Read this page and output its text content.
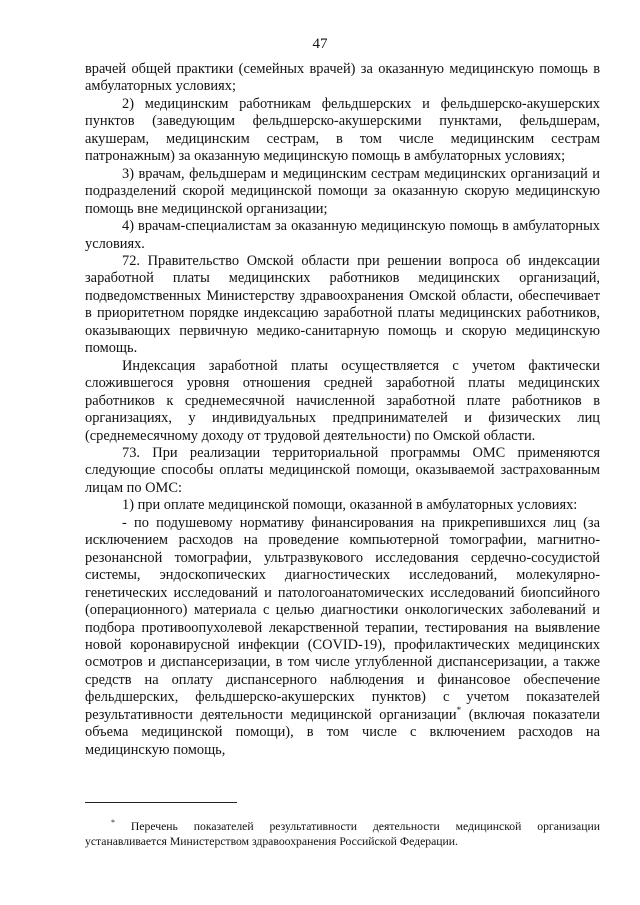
47

врачей общей практики (семейных врачей) за оказанную медицинскую помощь в амбулаторных условиях;

2) медицинским работникам фельдшерских и фельдшерско-акушерских пунктов (заведующим фельдшерско-акушерскими пунктами, фельдшерам, акушерам, медицинским сестрам, в том числе медицинским сестрам патронажным) за оказанную медицинскую помощь в амбулаторных условиях;

3) врачам, фельдшерам и медицинским сестрам медицинских организаций и подразделений скорой медицинской помощи за оказанную скорую медицинскую помощь вне медицинской организации;

4) врачам-специалистам за оказанную медицинскую помощь в амбулаторных условиях.

72. Правительство Омской области при решении вопроса об индексации заработной платы медицинских работников медицинских организаций, подведомственных Министерству здравоохранения Омской области, обеспечивает в приоритетном порядке индексацию заработной платы медицинских работников, оказывающих первичную медико-санитарную помощь и скорую медицинскую помощь.

Индексация заработной платы осуществляется с учетом фактически сложившегося уровня отношения средней заработной платы медицинских работников к среднемесячной начисленной заработной плате работников в организациях, у индивидуальных предпринимателей и физических лиц (среднемесячному доходу от трудовой деятельности) по Омской области.

73. При реализации территориальной программы ОМС применяются следующие способы оплаты медицинской помощи, оказываемой застрахованным лицам по ОМС:

1) при оплате медицинской помощи, оказанной в амбулаторных условиях:

- по подушевому нормативу финансирования на прикрепившихся лиц (за исключением расходов на проведение компьютерной томографии, магнитно-резонансной томографии, ультразвукового исследования сердечно-сосудистой системы, эндоскопических диагностических исследований, молекулярно-генетических исследований и патологоанатомических исследований биопсийного (операционного) материала с целью диагностики онкологических заболеваний и подбора противоопухолевой лекарственной терапии, тестирования на выявление новой коронавирусной инфекции (COVID-19), профилактических медицинских осмотров и диспансеризации, в том числе углубленной диспансеризации, а также средств на оплату диспансерного наблюдения и финансовое обеспечение фельдшерских, фельдшерско-акушерских пунктов) с учетом показателей результативности деятельности медицинской организации* (включая показатели объема медицинской помощи), в том числе с включением расходов на медицинскую помощь,

* Перечень показателей результативности деятельности медицинской организации устанавливается Министерством здравоохранения Российской Федерации.
